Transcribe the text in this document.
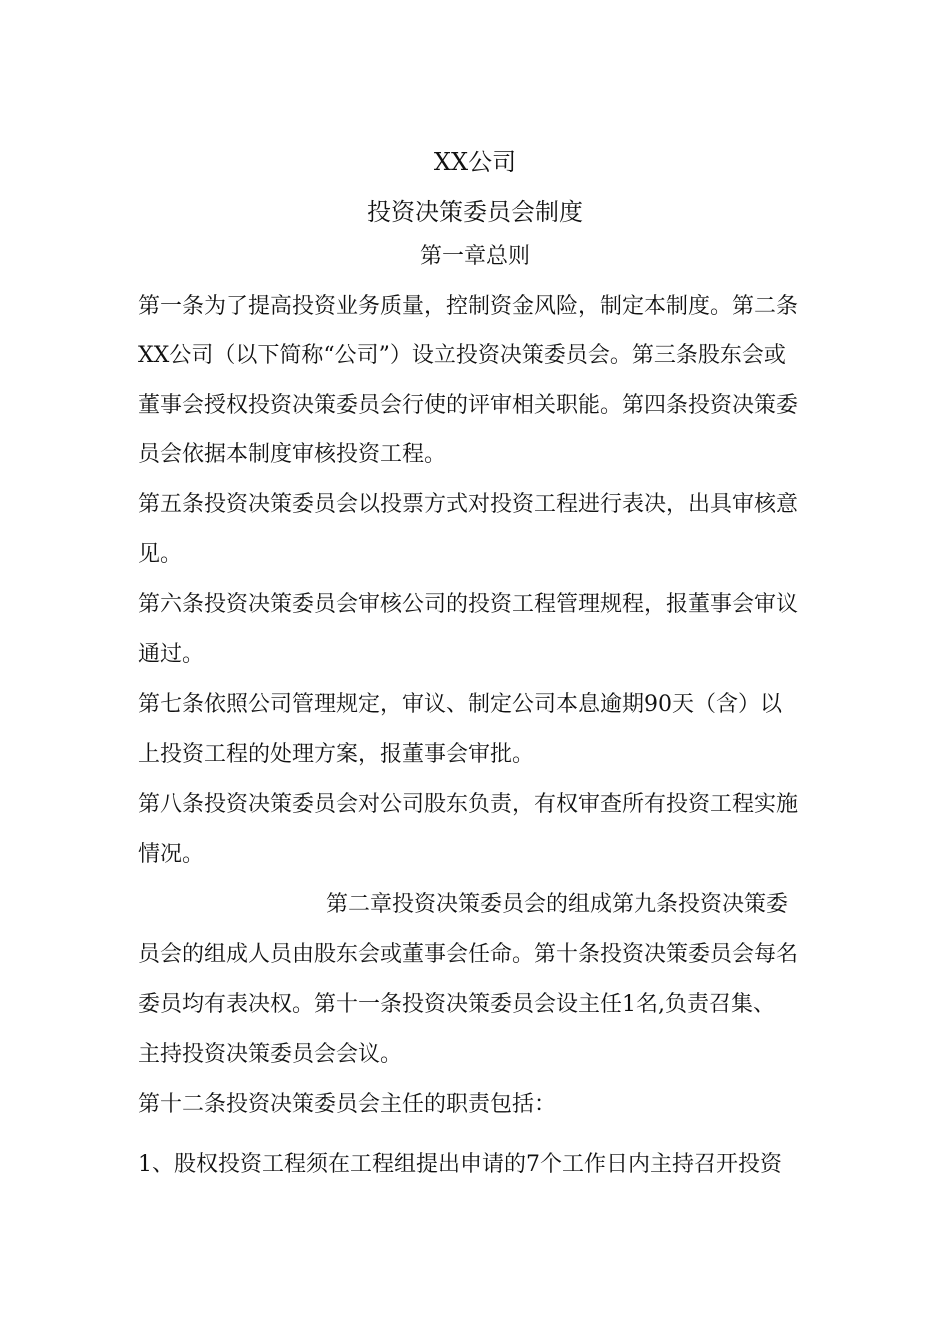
XX公司
投资决策委员会制度
第一章总则
第一条为了提高投资业务质量，控制资金风险，制定本制度。第二条
XX公司（以下简称“公司”）设立投资决策委员会。第三条股东会或
董事会授权投资决策委员会行使的评审相关职能。第四条投资决策委
员会依据本制度审核投资工程。
第五条投资决策委员会以投票方式对投资工程进行表决，出具审核意
见。
第六条投资决策委员会审核公司的投资工程管理规程，报董事会审议
通过。
第七条依照公司管理规定，审议、制定公司本息逾期90天（含）以
上投资工程的处理方案，报董事会审批。
第八条投资决策委员会对公司股东负责，有权审查所有投资工程实施
情况。
第二章投资决策委员会的组成第九条投资决策委
员会的组成人员由股东会或董事会任命。第十条投资决策委员会每名
委员均有表决权。第十一条投资决策委员会设主任1名,负责召集、
主持投资决策委员会会议。
第十二条投资决策委员会主任的职责包括：
1、股权投资工程须在工程组提出申请的7个工作日内主持召开投资
